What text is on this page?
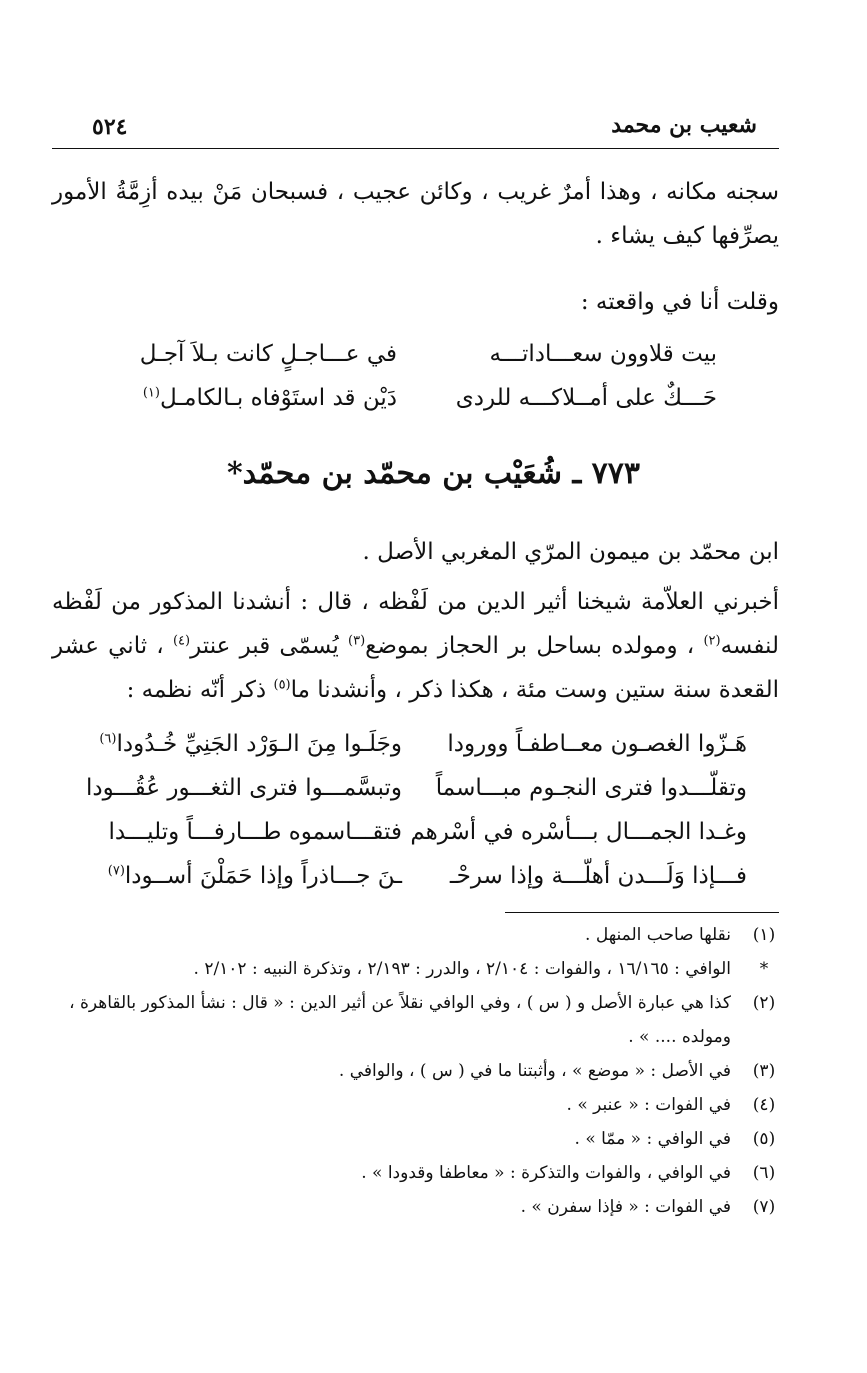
شعيب بن محمد
٥٢٤

سجنه مكانه ، وهذا أمرٌ غريب ، وكائن عجيب ، فسبحان مَنْ بيده أزِمَّةُ الأمور يصرِّفها كيف يشاء .

وقلت أنا في واقعته :

بيت قلاوون سعـــاداتـــه
في عـــاجـلٍ كانت بـلاَ آجـل
حَـــكٌ على أمــلاكـــه للردى
دَيْن قد استَوْفاه بـالكامـل$^{(١)}$
٧٧٣ ـ شُعَيْب بن محمّد بن محمّد*

ابن محمّد بن ميمون المرّي المغربي الأصل .

أخبرني العلاّمة شيخنا أثير الدين من لَفْظه ، قال : أنشدنا المذكور من لَفْظه لنفسه$^{(٢)}$ ، ومولده بساحل بر الحجاز بموضع$^{(٣)}$ يُسمّى قبر عنتر$^{(٤)}$ ، ثاني عشر القعدة سنة ستين وست مئة ، هكذا ذكر ، وأنشدنا ما$^{(٥)}$ ذكر أنّه نظمه :

هَـزّوا الغصـون معــاطفـاً وورودا
وجَلَـوا مِنَ الـوَرْد الجَنِيِّ خُـدُودا$^{(٦)}$
وتقلّـــدوا فترى النجـوم مبـــاسماً
وتبسَّمـــوا فترى الثغـــور عُقُـــودا
وغـدا الجمـــال بـــأسْره في أسْرهم
فتقـــاسموه طـــارفـــاً وتليـــدا
فـــإذا وَلَـــدن أهلّـــة وإذا سرحْـ
ـنَ جـــاذراً وإذا حَمَلْنَ أســودا$^{(٧)}$
(١)
نقلها صاحب المنهل .
*
الوافي : ١٦/١٦٥ ، والفوات : ٢/١٠٤ ، والدرر : ٢/١٩٣ ، وتذكرة النبيه : ٢/١٠٢ .
(٢)
كذا هي عبارة الأصل و ( س ) ، وفي الوافي نقلاً عن أثير الدين : « قال : نشأ المذكور بالقاهرة ، ومولده .... » .
(٣)
في الأصل : « موضع » ، وأثبتنا ما في ( س ) ، والوافي .
(٤)
في الفوات : « عنبر » .
(٥)
في الوافي : « ممّا » .
(٦)
في الوافي ، والفوات والتذكرة : « معاطفا وقدودا » .
(٧)
في الفوات : « فإذا سفرن » .
